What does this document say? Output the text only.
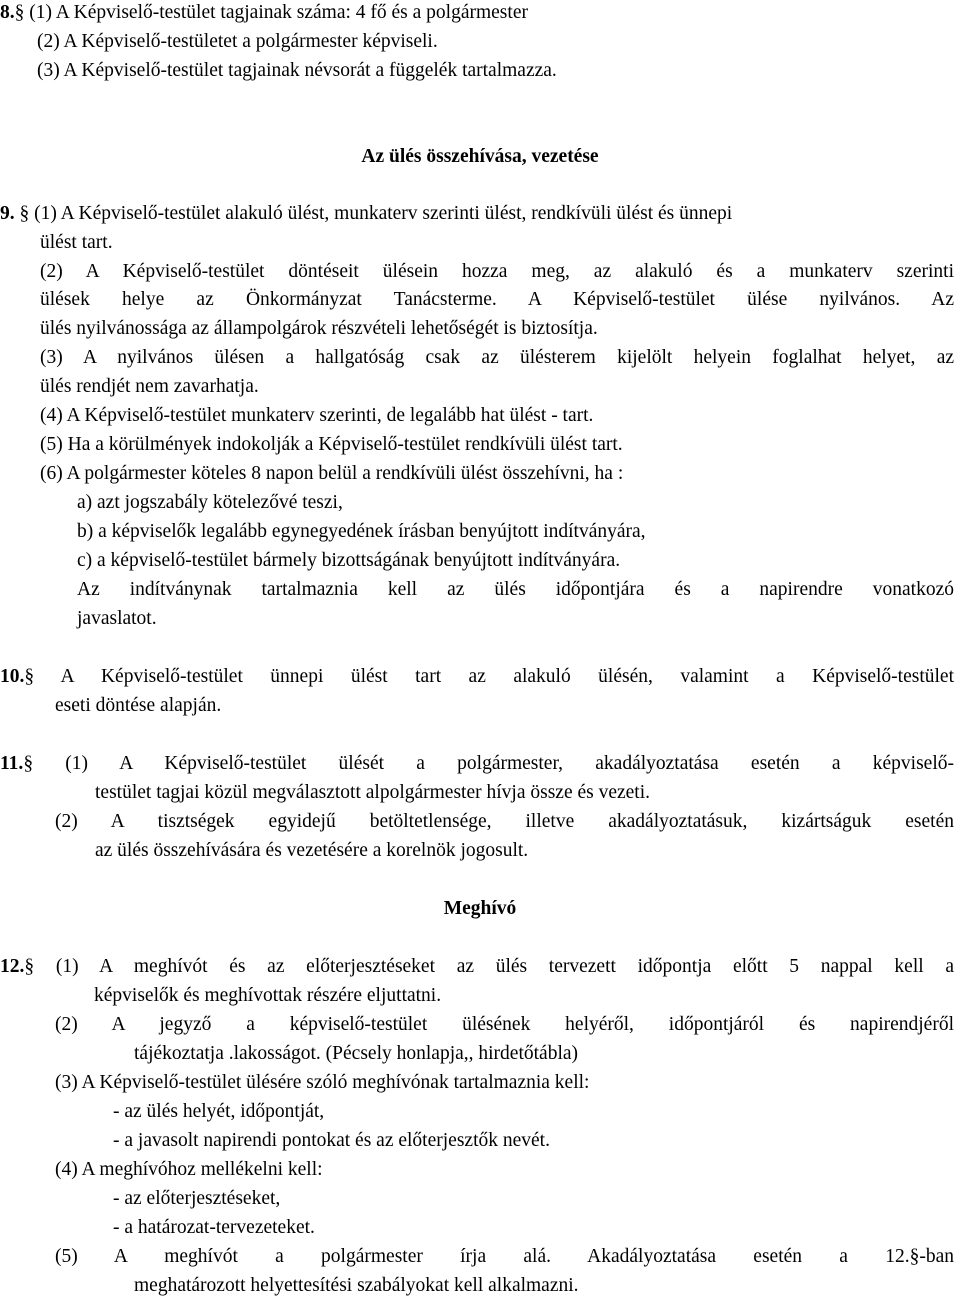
8.§ (1) A Képviselő-testület tagjainak száma: 4 fő és a polgármester
(2) A Képviselő-testületet a polgármester képviseli.
(3) A Képviselő-testület tagjainak névsorát a függelék tartalmazza.
Az ülés összehívása, vezetése
9. § (1) A Képviselő-testület alakuló ülést, munkaterv szerinti ülést, rendkívüli ülést és ünnepi
ülést tart.
(2) A Képviselő-testület döntéseit ülésein hozza meg, az alakuló és a munkaterv szerinti
ülések helye az Önkormányzat Tanácsterme. A Képviselő-testület ülése nyilvános. Az
ülés nyilvánossága az állampolgárok részvételi lehetőségét is biztosítja.
(3) A nyilvános ülésen a hallgatóság csak az ülésterem kijelölt helyein foglalhat helyet, az
ülés rendjét nem zavarhatja.
(4) A Képviselő-testület munkaterv szerinti, de legalább hat ülést - tart.
(5) Ha a körülmények indokolják a Képviselő-testület rendkívüli ülést tart.
(6) A polgármester köteles 8 napon belül a rendkívüli ülést összehívni, ha :
a) azt jogszabály kötelezővé teszi,
b) a képviselők legalább egynegyedének írásban benyújtott indítványára,
c) a képviselő-testület bármely bizottságának benyújtott indítványára.
Az indítványnak tartalmaznia kell az ülés időpontjára és a napirendre vonatkozó
javaslatot.
10.§ A Képviselő-testület ünnepi ülést tart az alakuló ülésén, valamint a Képviselő-testület
eseti döntése alapján.
11.§ (1) A Képviselő-testület ülését a polgármester, akadályoztatása esetén a képviselő-
testület tagjai közül megválasztott alpolgármester hívja össze és vezeti.
(2) A tisztségek egyidejű betöltetlensége, illetve akadályoztatásuk, kizártságuk esetén
az ülés összehívására és vezetésére a korelnök jogosult.
Meghívó
12.§ (1) A meghívót és az előterjesztéseket az ülés tervezett időpontja előtt 5 nappal kell a
képviselők és meghívottak részére eljuttatni.
(2) A jegyző a képviselő-testület ülésének helyéről, időpontjáról és napirendjéről
tájékoztatja .lakosságot. (Pécsely honlapja,, hirdetőtábla)
(3) A Képviselő-testület ülésére szóló meghívónak tartalmaznia kell:
- az ülés helyét, időpontját,
- a javasolt napirendi pontokat és az előterjesztők nevét.
(4) A meghívóhoz mellékelni kell:
- az előterjesztéseket,
- a határozat-tervezeteket.
(5) A meghívót a polgármester írja alá. Akadályoztatása esetén a 12.§-ban
meghatározott helyettesítési szabályokat kell alkalmazni.
